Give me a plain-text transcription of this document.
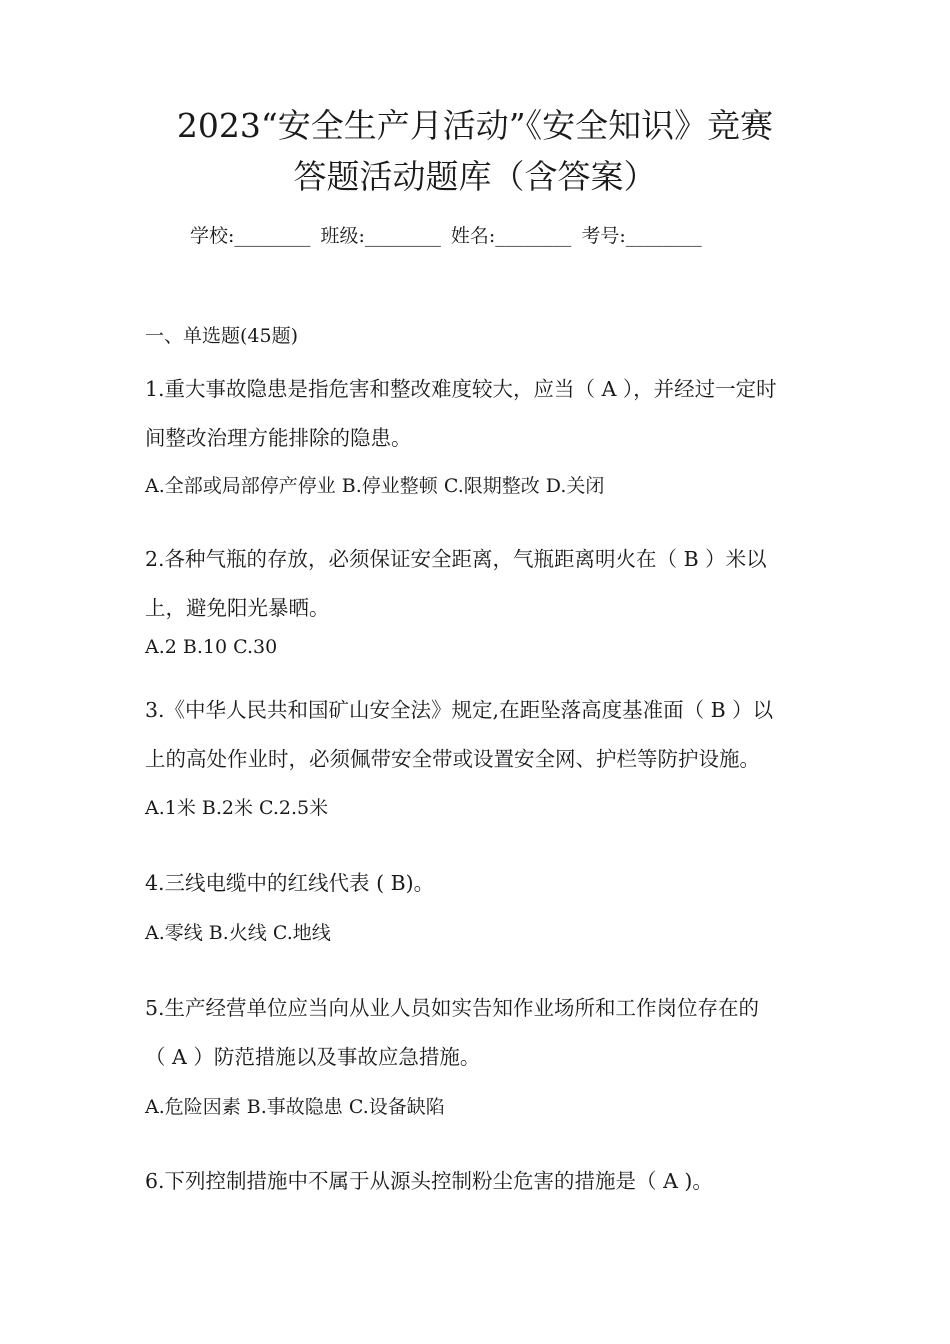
2023“安全生产月活动”《安全知识》竞赛
答题活动题库（含答案）
学校:________ 班级:________ 姓名:________ 考号:________
一、单选题(45题)
1.重大事故隐患是指危害和整改难度较大，应当（ A ），并经过一定时
间整改治理方能排除的隐患。
A.全部或局部停产停业 B.停业整顿 C.限期整改 D.关闭
2.各种气瓶的存放，必须保证安全距离，气瓶距离明火在（ B ）米以
上，避免阳光暴晒。
A.2 B.10 C.30
3.《中华人民共和国矿山安全法》规定,在距坠落高度基准面（ B ）以
上的高处作业时，必须佩带安全带或设置安全网、护栏等防护设施。
A.1米 B.2米 C.2.5米
4.三线电缆中的红线代表 ( B)。
A.零线 B.火线 C.地线
5.生产经营单位应当向从业人员如实告知作业场所和工作岗位存在的
（ A ）防范措施以及事故应急措施。
A.危险因素 B.事故隐患 C.设备缺陷
6.下列控制措施中不属于从源头控制粉尘危害的措施是（ A )。
